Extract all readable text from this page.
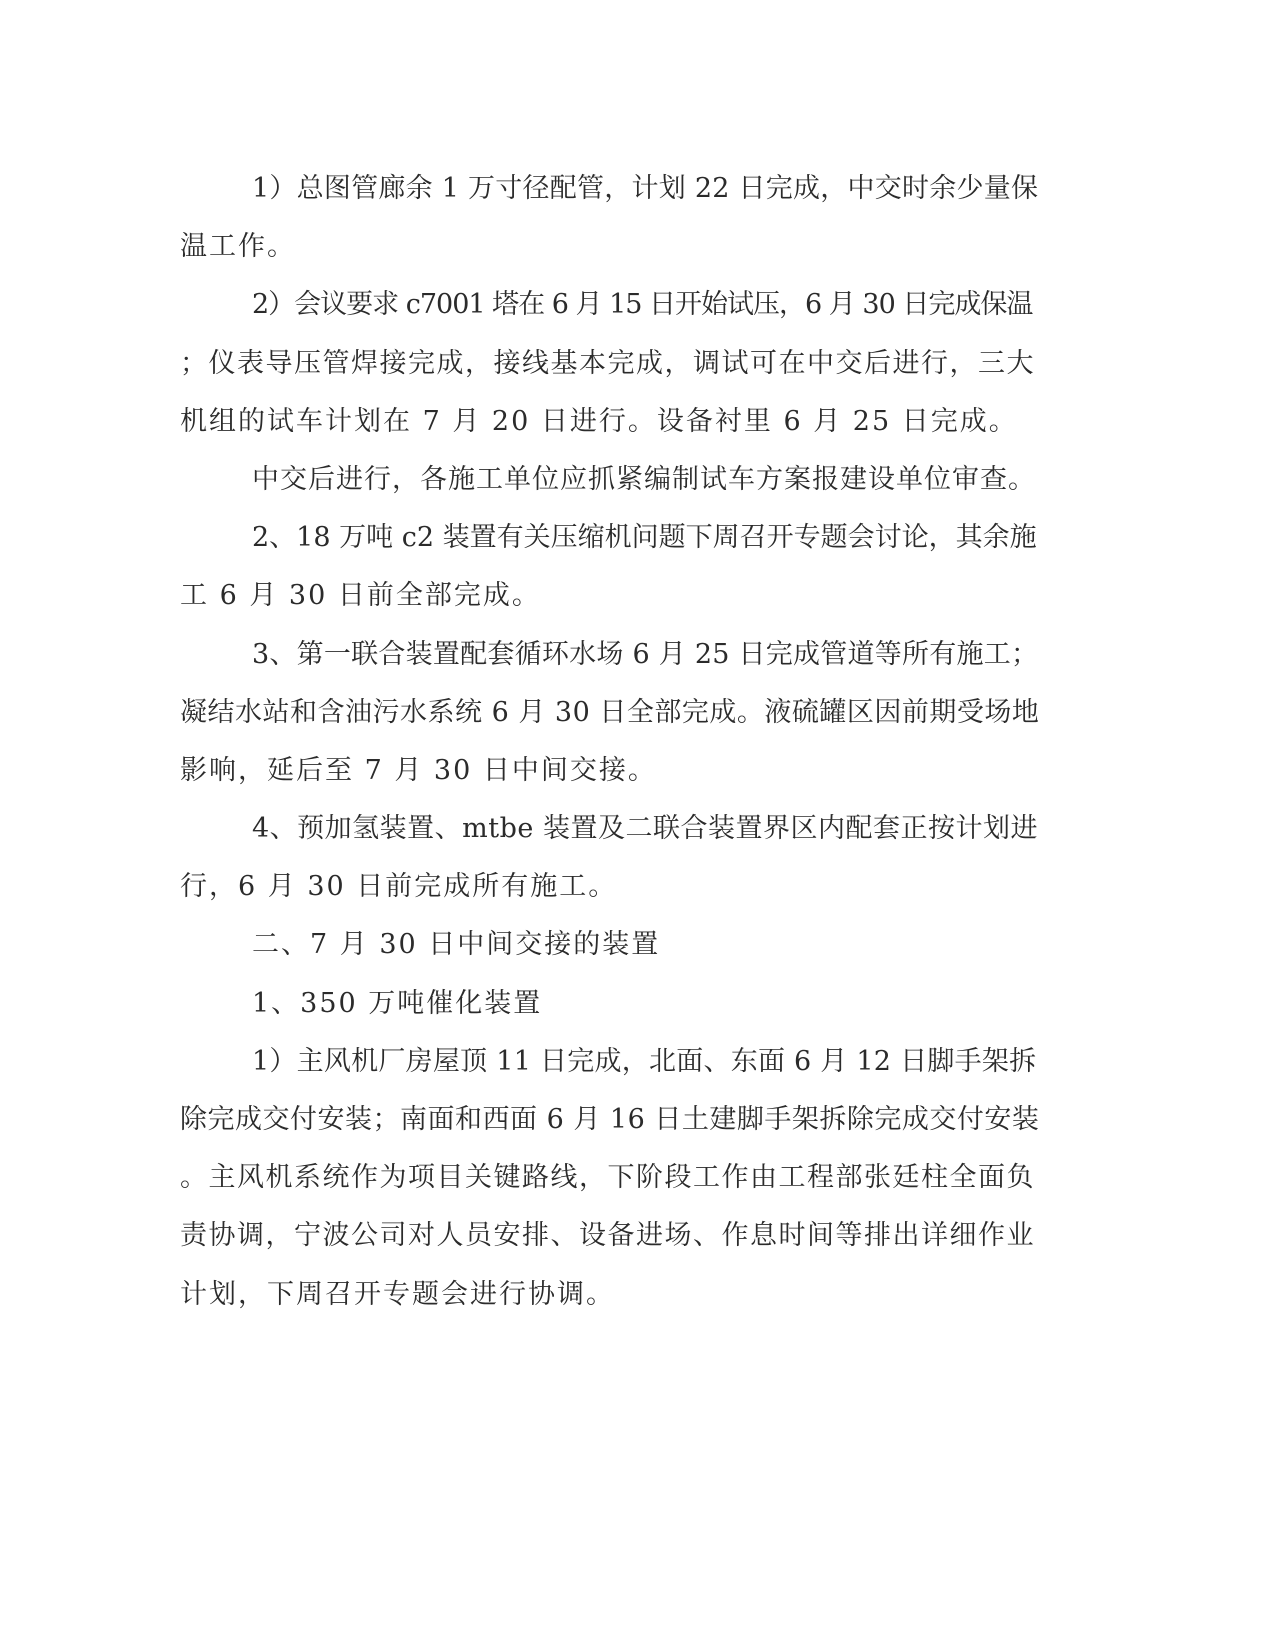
1）总图管廊余 1 万寸径配管，计划 22 日完成，中交时余少量保
温工作。
2）会议要求 c7001 塔在 6 月 15 日开始试压，6 月 30 日完成保温
；仪表导压管焊接完成，接线基本完成，调试可在中交后进行，三大
机组的试车计划在 7 月 20 日进行。设备衬里 6 月 25 日完成。
中交后进行，各施工单位应抓紧编制试车方案报建设单位审查。
2、18 万吨 c2 装置有关压缩机问题下周召开专题会讨论，其余施
工 6 月 30 日前全部完成。
3、第一联合装置配套循环水场 6 月 25 日完成管道等所有施工；
凝结水站和含油污水系统 6 月 30 日全部完成。液硫罐区因前期受场地
影响，延后至 7 月 30 日中间交接。
4、预加氢装置、mtbe 装置及二联合装置界区内配套正按计划进
行，6 月 30 日前完成所有施工。
二、7 月 30 日中间交接的装置
1、350 万吨催化装置
1）主风机厂房屋顶 11 日完成，北面、东面 6 月 12 日脚手架拆
除完成交付安装；南面和西面 6 月 16 日土建脚手架拆除完成交付安装
。主风机系统作为项目关键路线，下阶段工作由工程部张廷柱全面负
责协调，宁波公司对人员安排、设备进场、作息时间等排出详细作业
计划，下周召开专题会进行协调。
